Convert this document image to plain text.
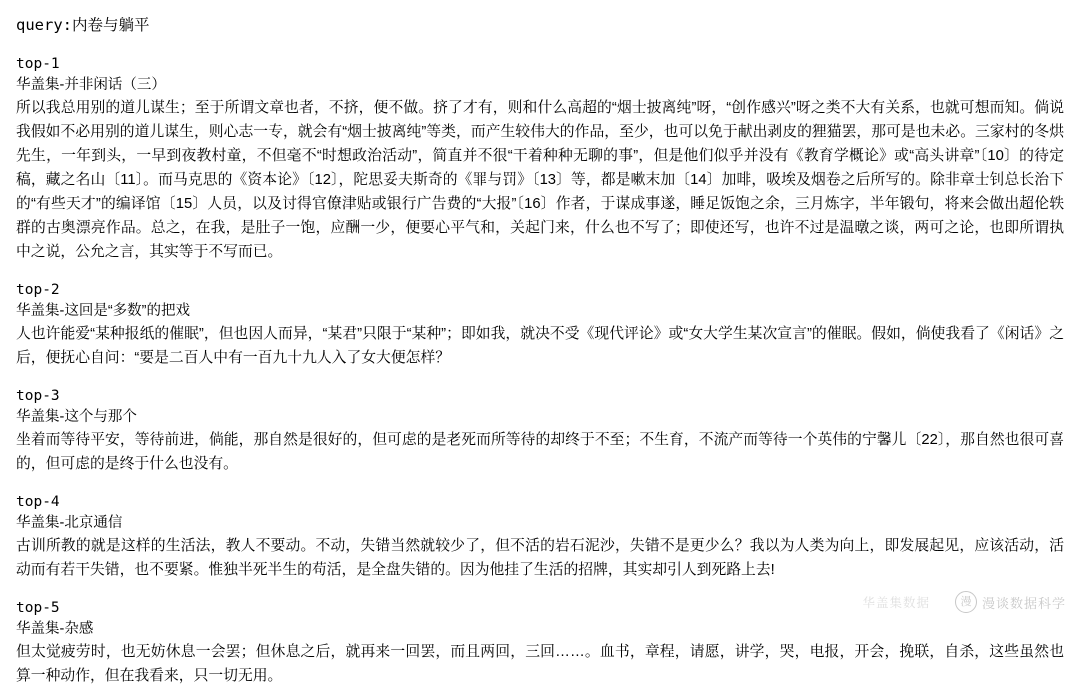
query:内卷与躺平
top-1
华盖集-并非闲话（三）
所以我总用别的道儿谋生；至于所谓文章也者，不挤，便不做。挤了才有，则和什么高超的“烟士披离纯”呀，“创作感兴”呀之类不大有关系，也就可想而知。倘说我假如不必用别的道儿谋生，则心志一专，就会有“烟士披离纯”等类，而产生较伟大的作品，至少，也可以免于献出剥皮的狸猫罢，那可是也未必。三家村的冬烘先生，一年到头，一早到夜教村童，不但毫不“时想政治活动”，简直并不很“干着种种无聊的事”，但是他们似乎并没有《教育学概论》或“高头讲章”〔10〕的待定稿，藏之名山〔11〕。而马克思的《资本论》〔12〕，陀思妥夫斯奇的《罪与罚》〔13〕等，都是嗽末加〔14〕加啡，吸埃及烟卷之后所写的。除非章士钊总长治下的“有些天才”的编译馆〔15〕人员，以及讨得官僚津贴或银行广告费的“大报”〔16〕作者，于谋成事遂，睡足饭饱之余，三月炼字，半年锻句，将来会做出超伦轶群的古奥漂亮作品。总之，在我，是肚子一饱，应酬一少，便要心平气和，关起门来，什么也不写了；即使还写，也许不过是温暾之谈，两可之论，也即所谓执中之说，公允之言，其实等于不写而已。
top-2
华盖集-这回是“多数”的把戏
人也许能爱“某种报纸的催眠”，但也因人而异，“某君”只限于“某种”；即如我，就决不受《现代评论》或“女大学生某次宣言”的催眠。假如，倘使我看了《闲话》之后，便抚心自问：“要是二百人中有一百九十九人入了女大便怎样？
top-3
华盖集-这个与那个
坐着而等待平安，等待前进，倘能，那自然是很好的，但可虑的是老死而所等待的却终于不至；不生育，不流产而等待一个英伟的宁馨儿〔22〕，那自然也很可喜的，但可虑的是终于什么也没有。
top-4
华盖集-北京通信
古训所教的就是这样的生活法，教人不要动。不动，失错当然就较少了，但不活的岩石泥沙，失错不是更少么？我以为人类为向上，即发展起见，应该活动，活动而有若干失错，也不要紧。惟独半死半生的苟活，是全盘失错的。因为他挂了生活的招牌，其实却引人到死路上去!
top-5
华盖集-杂感
但太觉疲劳时，也无妨休息一会罢；但休息之后，就再来一回罢，而且两回，三回……。血书，章程，请愿，讲学，哭，电报，开会，挽联，自杀，这些虽然也算一种动作，但在我看来，只一切无用。
华盖集数据	漫 漫谈数据科学
